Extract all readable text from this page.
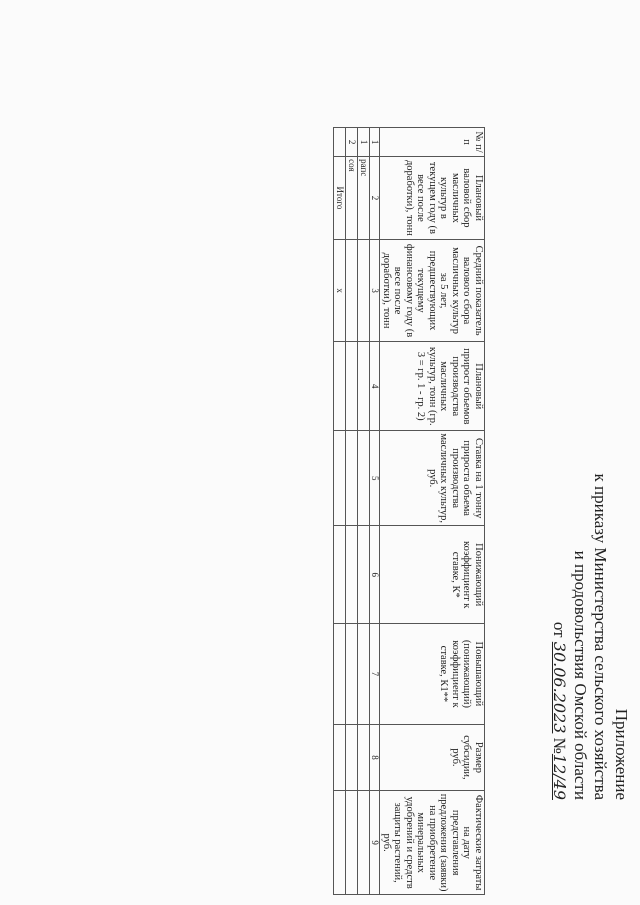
Приложение
к приказу Министерства сельского хозяйства
и продовольствия Омской области
от 30.06.2023 №12/49
№ п/п	Плановый валовой сбор масличных культур в текущем году (в весе после доработки), тонн	Средний показатель валового сбора масличных культур за 5 лет, предшествующих текущему финансовому году (в весе после доработки), тонн	Плановый прирост объемов производства масличных культур, тонн (гр. 3 = гр. 1 - гр. 2)	Ставка на 1 тонну прироста объема производства масличных культур, руб.	Понижающий коэффициент к ставке, К*	Повышающий (понижающий) коэффициент к ставке, К1**	Размер субсидии, руб.	Фактические затраты на дату представления предложения (заявки) на приобретение минеральных удобрений и средств защиты растений, руб.
1	2	3	4	5	6	7	8	9
1	рапс							
2	соя							
	Итого	х						
